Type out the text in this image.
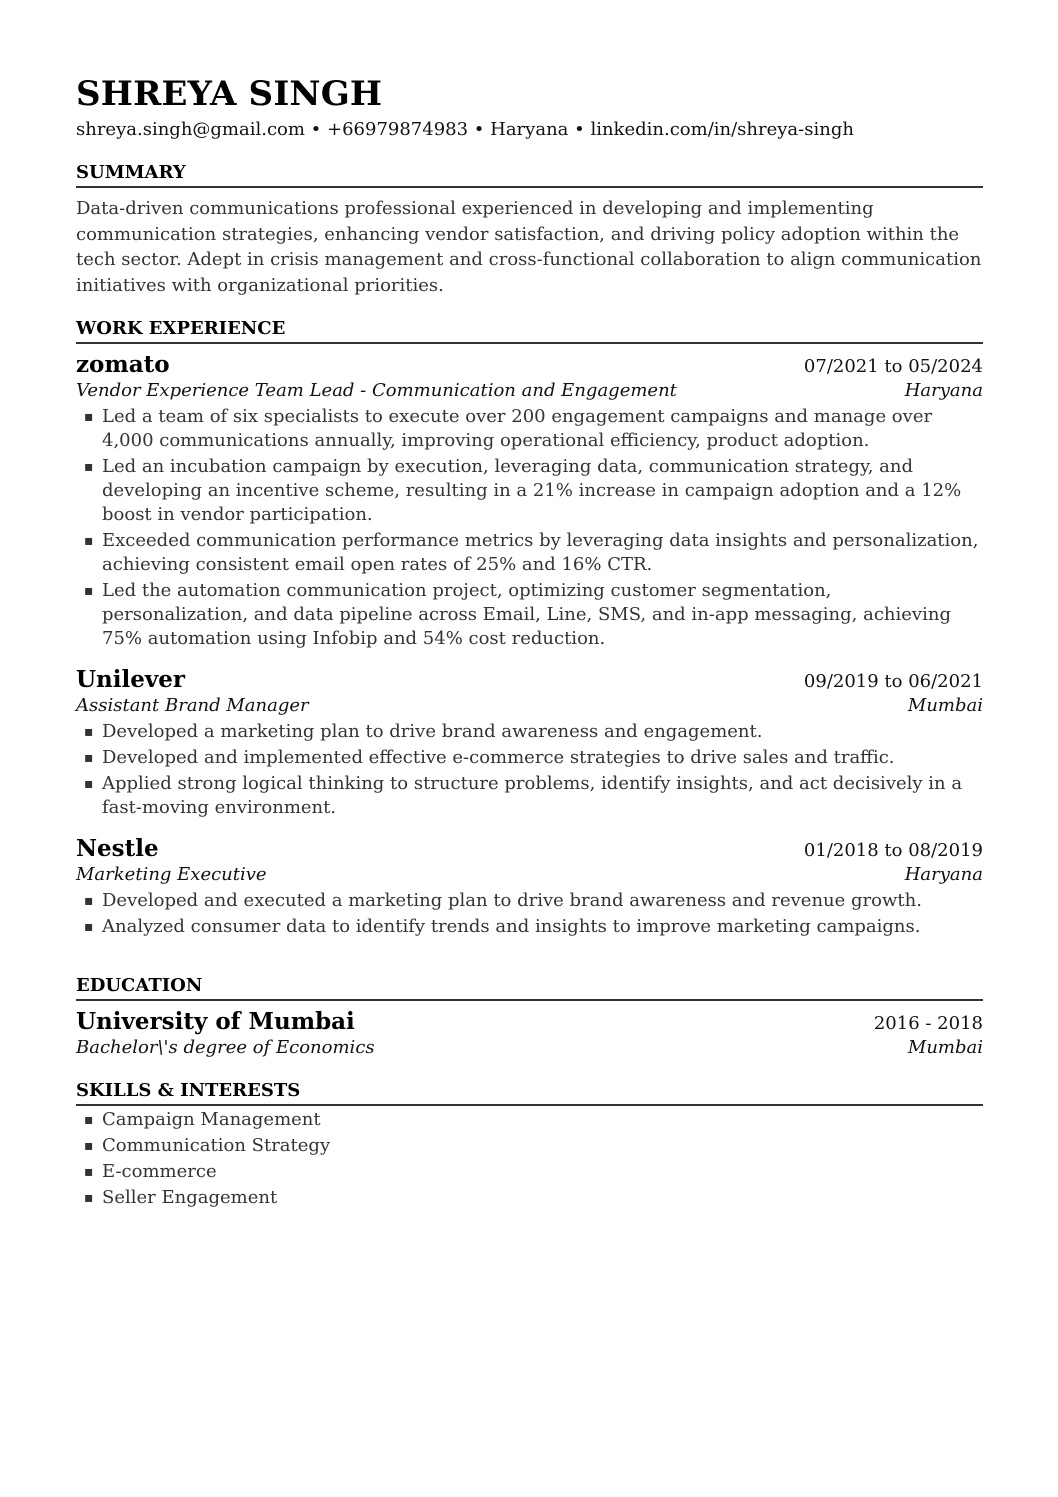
SHREYA SINGH
shreya.singh@gmail.com • +66979874983 • Haryana • linkedin.com/in/shreya-singh
SUMMARY
Data-driven communications professional experienced in developing and implementing communication strategies, enhancing vendor satisfaction, and driving policy adoption within the tech sector. Adept in crisis management and cross-functional collaboration to align communication initiatives with organizational priorities.
WORK EXPERIENCE
zomato	07/2021 to 05/2024
Vendor Experience Team Lead - Communication and Engagement	Haryana
▪ Led a team of six specialists to execute over 200 engagement campaigns and manage over 4,000 communications annually, improving operational efficiency, product adoption.
▪ Led an incubation campaign by execution, leveraging data, communication strategy, and developing an incentive scheme, resulting in a 21% increase in campaign adoption and a 12% boost in vendor participation.
▪ Exceeded communication performance metrics by leveraging data insights and personalization, achieving consistent email open rates of 25% and 16% CTR.
▪ Led the automation communication project, optimizing customer segmentation, personalization, and data pipeline across Email, Line, SMS, and in-app messaging, achieving 75% automation using Infobip and 54% cost reduction.
Unilever	09/2019 to 06/2021
Assistant Brand Manager	Mumbai
▪ Developed a marketing plan to drive brand awareness and engagement.
▪ Developed and implemented effective e-commerce strategies to drive sales and traffic.
▪ Applied strong logical thinking to structure problems, identify insights, and act decisively in a fast-moving environment.
Nestle	01/2018 to 08/2019
Marketing Executive	Haryana
▪ Developed and executed a marketing plan to drive brand awareness and revenue growth.
▪ Analyzed consumer data to identify trends and insights to improve marketing campaigns.
EDUCATION
University of Mumbai	2016 - 2018
Bachelor\'s degree of Economics	Mumbai
SKILLS & INTERESTS
▪ Campaign Management
▪ Communication Strategy
▪ E-commerce
▪ Seller Engagement
